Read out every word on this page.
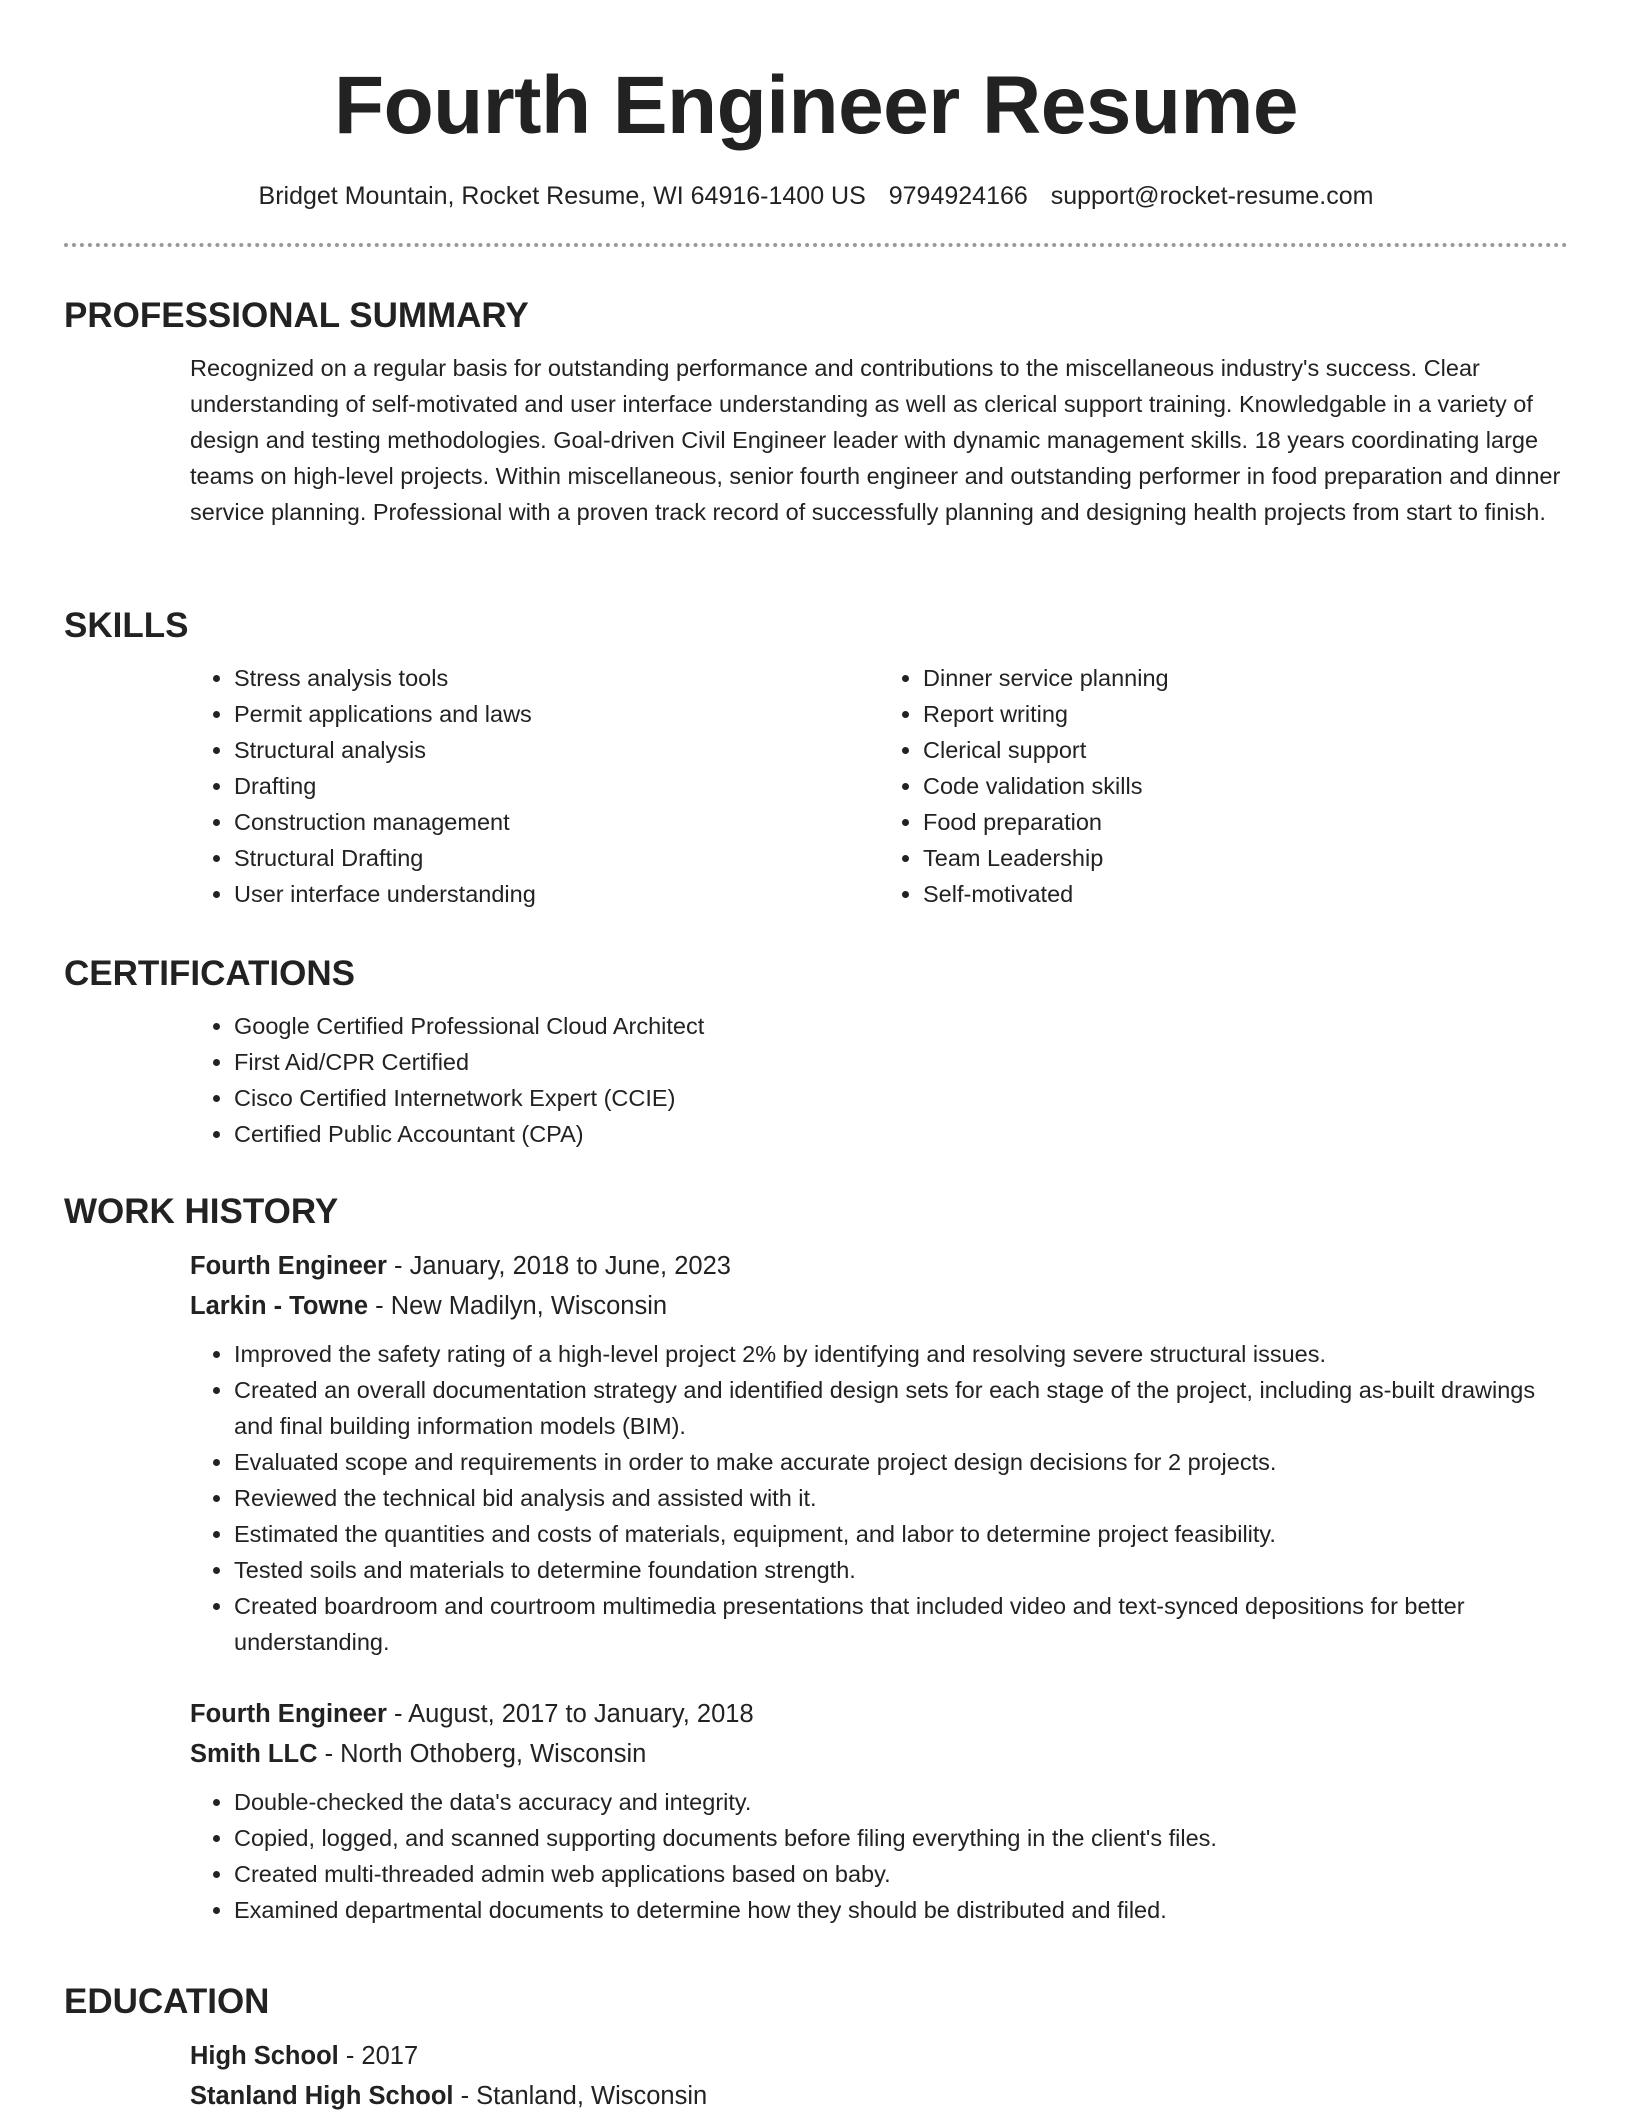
Fourth Engineer Resume
Bridget Mountain, Rocket Resume, WI 64916-1400 US 9794924166 support@rocket-resume.com
PROFESSIONAL SUMMARY

Recognized on a regular basis for outstanding performance and contributions to the miscellaneous industry's success. Clear understanding of self-motivated and user interface understanding as well as clerical support training. Knowledgable in a variety of design and testing methodologies. Goal-driven Civil Engineer leader with dynamic management skills. 18 years coordinating large teams on high-level projects. Within miscellaneous, senior fourth engineer and outstanding performer in food preparation and dinner service planning. Professional with a proven track record of successfully planning and designing health projects from start to finish.

SKILLS
• Stress analysis tools
• Permit applications and laws
• Structural analysis
• Drafting
• Construction management
• Structural Drafting
• User interface understanding
• Dinner service planning
• Report writing
• Clerical support
• Code validation skills
• Food preparation
• Team Leadership
• Self-motivated
CERTIFICATIONS
• Google Certified Professional Cloud Architect
• First Aid/CPR Certified
• Cisco Certified Internetwork Expert (CCIE)
• Certified Public Accountant (CPA)
WORK HISTORY
Fourth Engineer - January, 2018 to June, 2023
Larkin - Towne - New Madilyn, Wisconsin
• Improved the safety rating of a high-level project 2% by identifying and resolving severe structural issues.
• Created an overall documentation strategy and identified design sets for each stage of the project, including as-built drawings and final building information models (BIM).
• Evaluated scope and requirements in order to make accurate project design decisions for 2 projects.
• Reviewed the technical bid analysis and assisted with it.
• Estimated the quantities and costs of materials, equipment, and labor to determine project feasibility.
• Tested soils and materials to determine foundation strength.
• Created boardroom and courtroom multimedia presentations that included video and text-synced depositions for better understanding.
Fourth Engineer - August, 2017 to January, 2018
Smith LLC - North Othoberg, Wisconsin
• Double-checked the data's accuracy and integrity.
• Copied, logged, and scanned supporting documents before filing everything in the client's files.
• Created multi-threaded admin web applications based on baby.
• Examined departmental documents to determine how they should be distributed and filed.
EDUCATION
High School - 2017
Stanland High School - Stanland, Wisconsin
